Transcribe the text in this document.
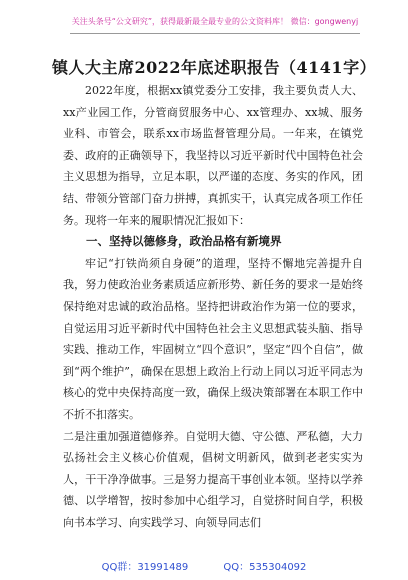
关注头条号“公文研究”，获得最新最全最专业的公文资料库！ 微信：gongwenyj
镇人大主席2022年底述职报告（4141字）

2022年度，根据xx镇党委分工安排，我主要负责人大、xx产业园工作，分管商贸服务中心、xx管理办、xx城、服务业科、市管会，联系xx市场监督管理分局。一年来，在镇党委、政府的正确领导下，我坚持以习近平新时代中国特色社会主义思想为指导，立足本职，以严谨的态度、务实的作风，团结、带领分管部门奋力拼搏，真抓实干，认真完成各项工作任务。现将一年来的履职情况汇报如下：

一、坚持以德修身，政治品格有新境界

牢记“打铁尚须自身硬”的道理，坚持不懈地完善提升自我，努力使政治业务素质适应新形势、新任务的要求一是始终保持绝对忠诚的政治品格。坚持把讲政治作为第一位的要求，自觉运用习近平新时代中国特色社会主义思想武装头脑、指导实践、推动工作，牢固树立“四个意识”，坚定“四个自信”，做到“两个维护”，确保在思想上政治上行动上同以习近平同志为核心的党中央保持高度一致，确保上级决策部署在本职工作中不折不扣落实。

二是注重加强道德修养。自觉明大德、守公德、严私德，大力弘扬社会主义核心价值观，倡树文明新风，做到老老实实为人，干干净净做事。三是努力提高干事创业本领。坚持以学养德、以学增智，按时参加中心组学习，自觉挤时间自学，积极向书本学习、向实践学习、向领导同志们

QQ群：31991489	QQ：535304092
